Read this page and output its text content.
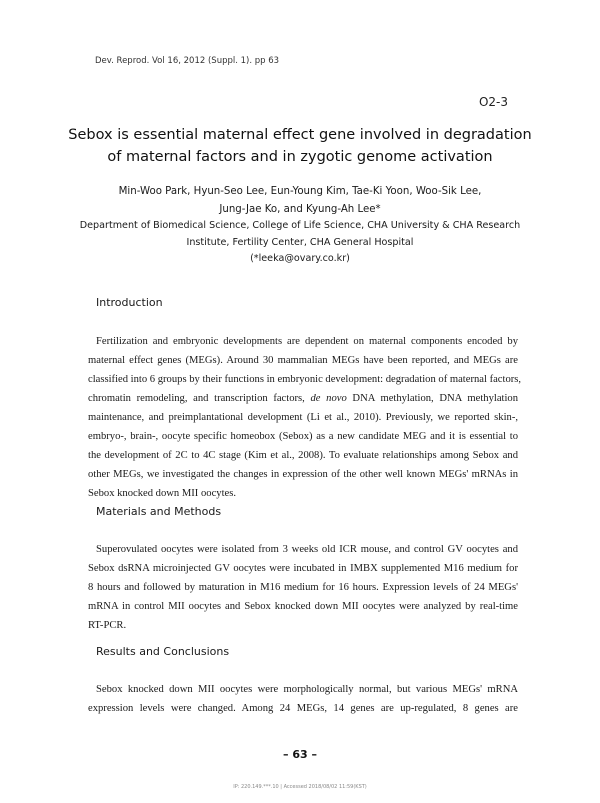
Dev. Reprod. Vol 16, 2012 (Suppl. 1). pp 63
O2-3
Sebox is essential maternal effect gene involved in degradation
of maternal factors and in zygotic genome activation
Min-Woo Park, Hyun-Seo Lee, Eun-Young Kim, Tae-Ki Yoon, Woo-Sik Lee,
Jung-Jae Ko, and Kyung-Ah Lee*
Department of Biomedical Science, College of Life Science, CHA University & CHA Research
Institute, Fertility Center, CHA General Hospital
(*leeka@ovary.co.kr)
Introduction
Fertilization and embryonic developments are dependent on maternal components encoded by
maternal effect genes (MEGs). Around 30 mammalian MEGs have been reported, and MEGs are
classified into 6 groups by their functions in embryonic development: degradation of maternal factors,
chromatin remodeling, and transcription factors, de novo DNA methylation, DNA methylation
maintenance, and preimplantational development (Li et al., 2010). Previously, we reported skin-,
embryo-, brain-, oocyte specific homeobox (Sebox) as a new candidate MEG and it is essential to
the development of 2C to 4C stage (Kim et al., 2008). To evaluate relationships among Sebox and
other MEGs, we investigated the changes in expression of the other well known MEGs' mRNAs in
Sebox knocked down MII oocytes.
Materials and Methods
Superovulated oocytes were isolated from 3 weeks old ICR mouse, and control GV oocytes and
Sebox dsRNA microinjected GV oocytes were incubated in IMBX supplemented M16 medium for
8 hours and followed by maturation in M16 medium for 16 hours. Expression levels of 24 MEGs'
mRNA in control MII oocytes and Sebox knocked down MII oocytes were analyzed by real-time
RT-PCR.
Results and Conclusions
Sebox knocked down MII oocytes were morphologically normal, but various MEGs' mRNA
expression levels were changed. Among 24 MEGs, 14 genes are up-regulated, 8 genes are
– 63 –
IP: 220.149.***.10 | Accessed 2018/08/02 11:59(KST)
